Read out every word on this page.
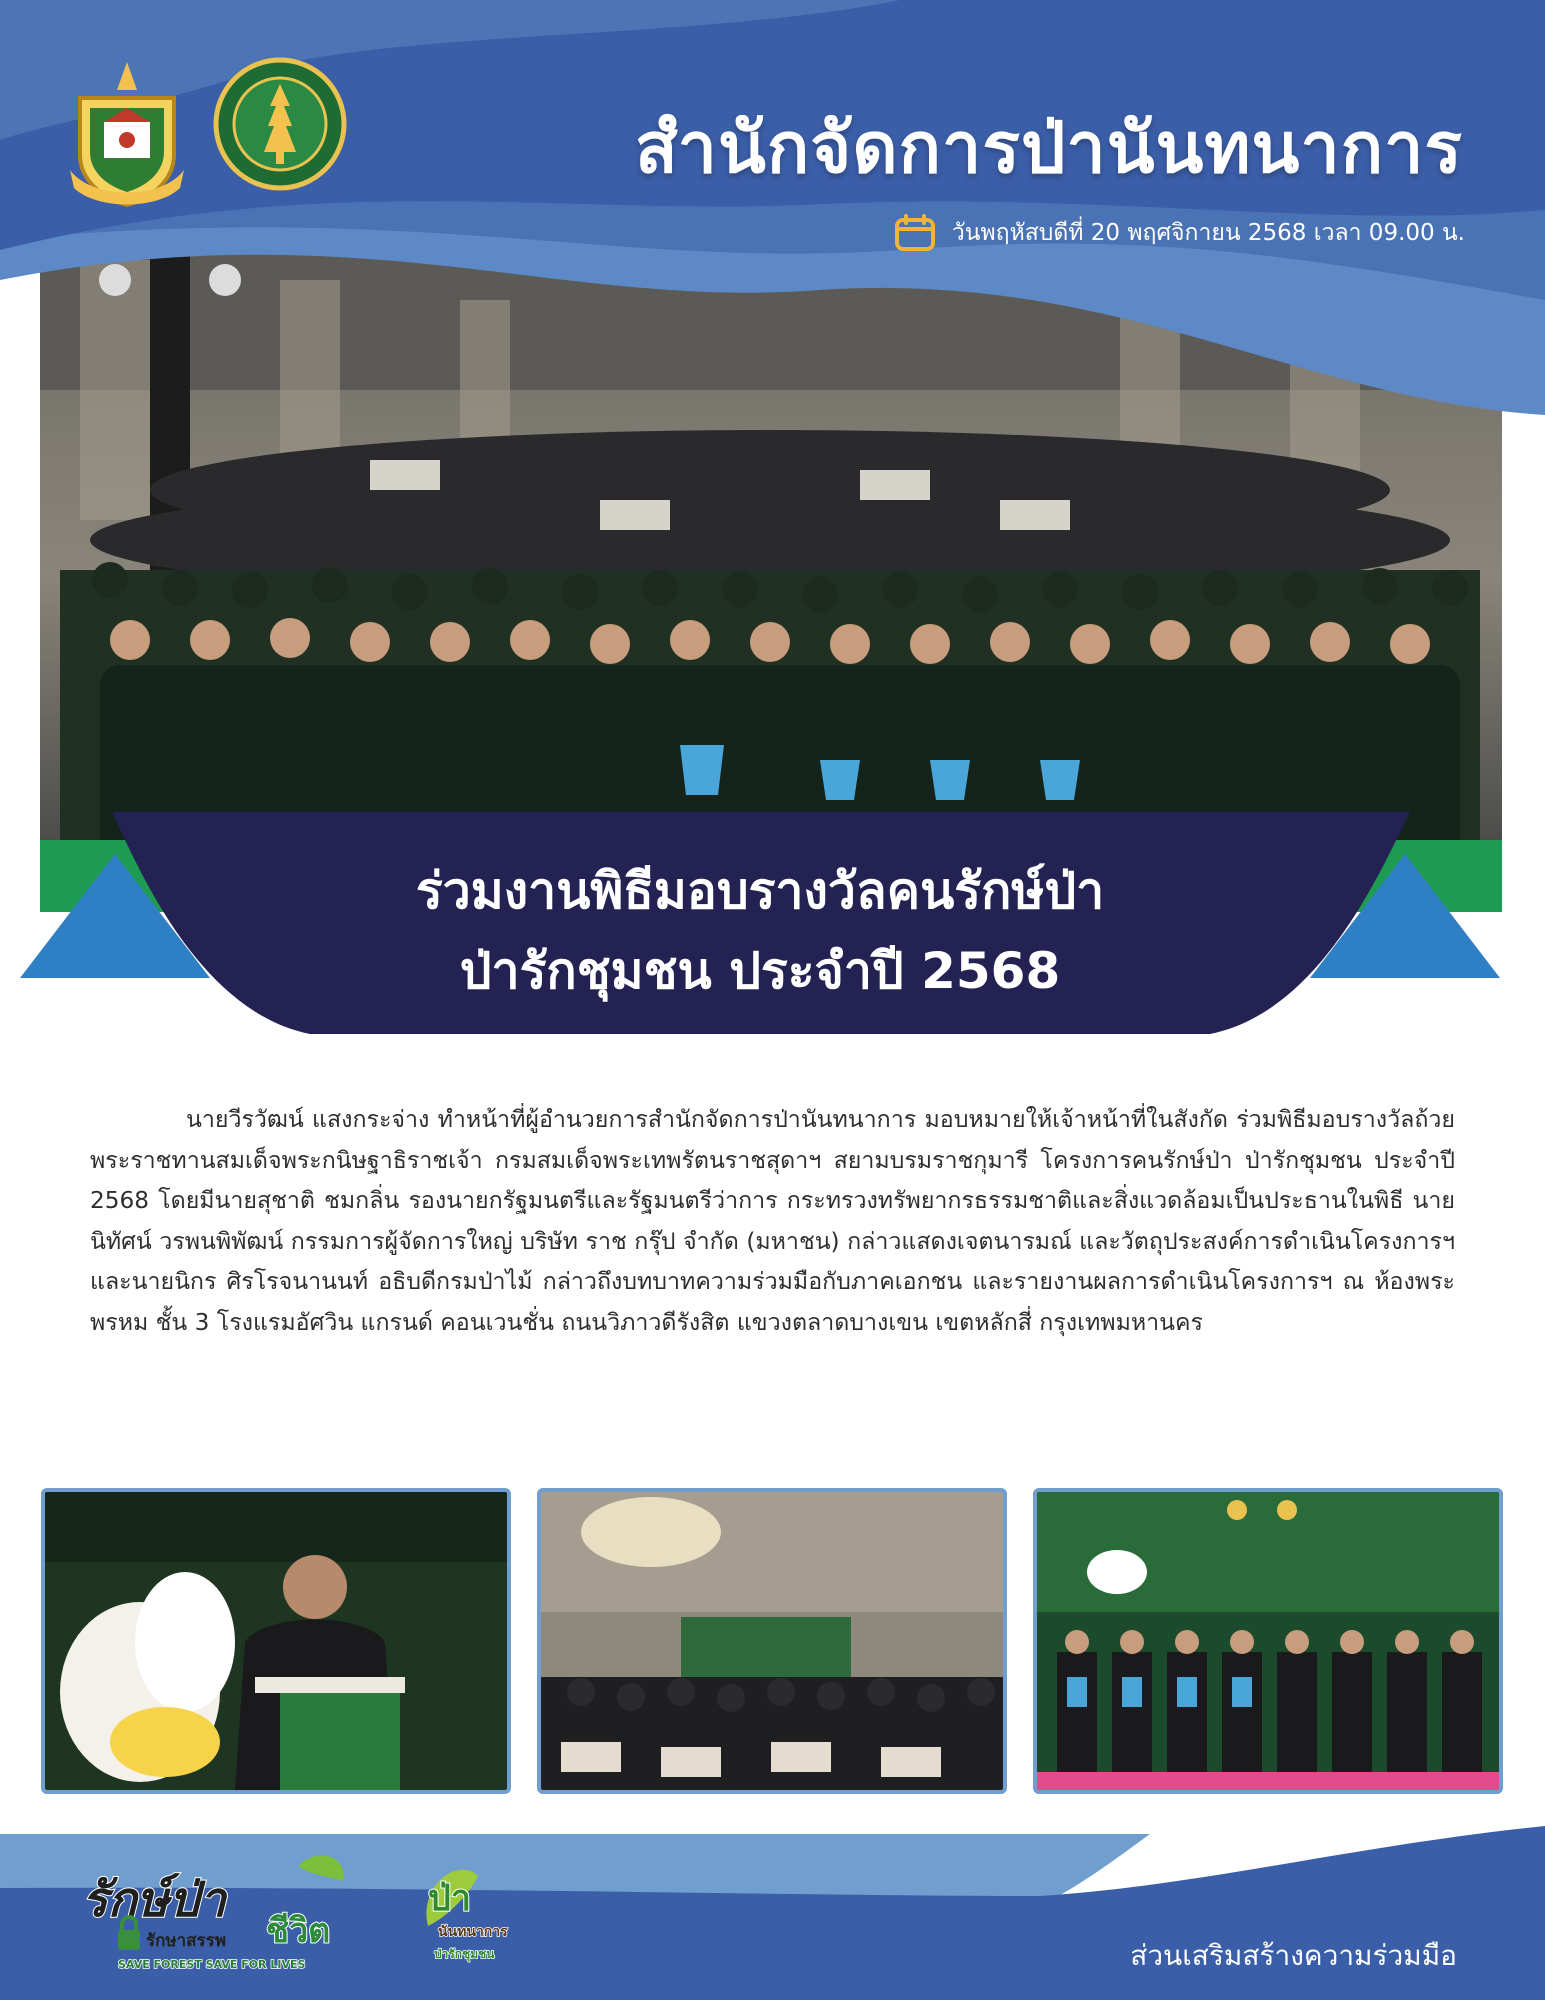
สำนักจัดการป่านันทนาการ
วันพฤหัสบดีที่ 20 พฤศจิกายน 2568 เวลา 09.00 น.
ร่วมงานพิธีมอบรางวัลคนรักษ์ป่า
ป่ารักชุมชน ประจำปี 2568

นายวีรวัฒน์ แสงกระจ่าง ทำหน้าที่ผู้อำนวยการสำนักจัดการป่านันทนาการ มอบหมายให้เจ้าหน้าที่ในสังกัด ร่วมพิธีมอบรางวัลถ้วยพระราชทานสมเด็จพระกนิษฐาธิราชเจ้า กรมสมเด็จพระเทพรัตนราชสุดาฯ สยามบรมราชกุมารี โครงการคนรักษ์ป่า ป่ารักชุมชน ประจำปี 2568 โดยมีนายสุชาติ ชมกลิ่น รองนายกรัฐมนตรีและรัฐมนตรีว่าการ กระทรวงทรัพยากรธรรมชาติและสิ่งแวดล้อมเป็นประธานในพิธี นายนิทัศน์ วรพนพิพัฒน์ กรรมการผู้จัดการใหญ่ บริษัท ราช กรุ๊ป จำกัด (มหาชน) กล่าวแสดงเจตนารมณ์ และวัตถุประสงค์การดำเนินโครงการฯ และนายนิกร ศิรโรจนานนท์ อธิบดีกรมป่าไม้ กล่าวถึงบทบาทความร่วมมือกับภาคเอกชน และรายงานผลการดำเนินโครงการฯ ณ ห้องพระพรหม ชั้น 3 โรงแรมอัศวิน แกรนด์ คอนเวนชั่น ถนนวิภาวดีรังสิต แขวงตลาดบางเขน เขตหลักสี่ กรุงเทพมหานคร

รักษ์ป่า
ชีวิต
รักษาสรรพ
SAVE FOREST SAVE FOR LIVES
ป่า
นันทนาการ
ป่ารักชุมชน	ส่วนเสริมสร้างความร่วมมือ
